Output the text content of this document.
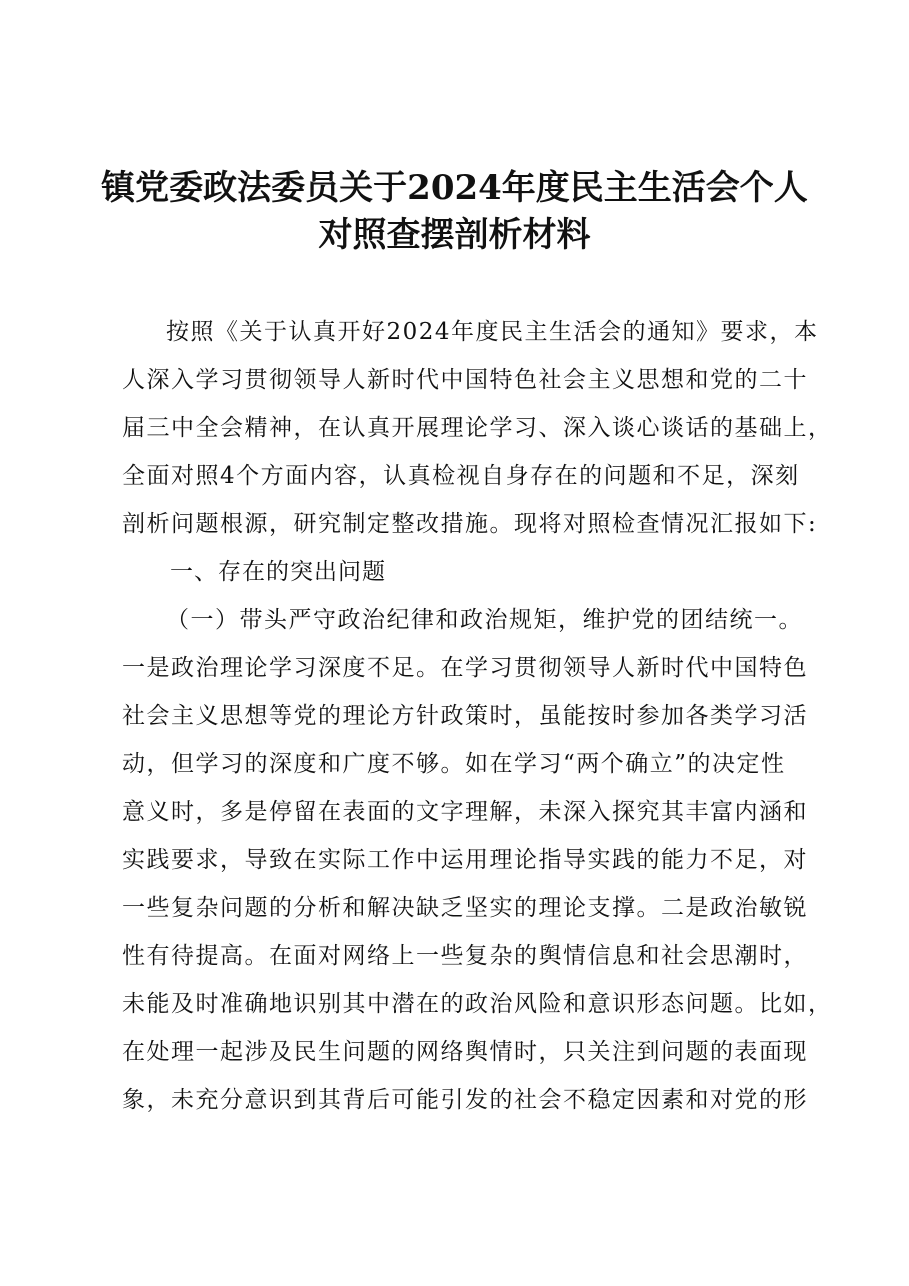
镇党委政法委员关于2024年度民主生活会个人
对照查摆剖析材料
按照《关于认真开好2024年度民主生活会的通知》要求，本
人深入学习贯彻领导人新时代中国特色社会主义思想和党的二十
届三中全会精神，在认真开展理论学习、深入谈心谈话的基础上，
全面对照4个方面内容，认真检视自身存在的问题和不足，深刻
剖析问题根源，研究制定整改措施。现将对照检查情况汇报如下:
一、存在的突出问题
（一）带头严守政治纪律和政治规矩，维护党的团结统一。
一是政治理论学习深度不足。在学习贯彻领导人新时代中国特色
社会主义思想等党的理论方针政策时，虽能按时参加各类学习活
动，但学习的深度和广度不够。如在学习“两个确立”的决定性
意义时，多是停留在表面的文字理解，未深入探究其丰富内涵和
实践要求，导致在实际工作中运用理论指导实践的能力不足，对
一些复杂问题的分析和解决缺乏坚实的理论支撑。二是政治敏锐
性有待提高。在面对网络上一些复杂的舆情信息和社会思潮时，
未能及时准确地识别其中潜在的政治风险和意识形态问题。比如，
在处理一起涉及民生问题的网络舆情时，只关注到问题的表面现
象，未充分意识到其背后可能引发的社会不稳定因素和对党的形
